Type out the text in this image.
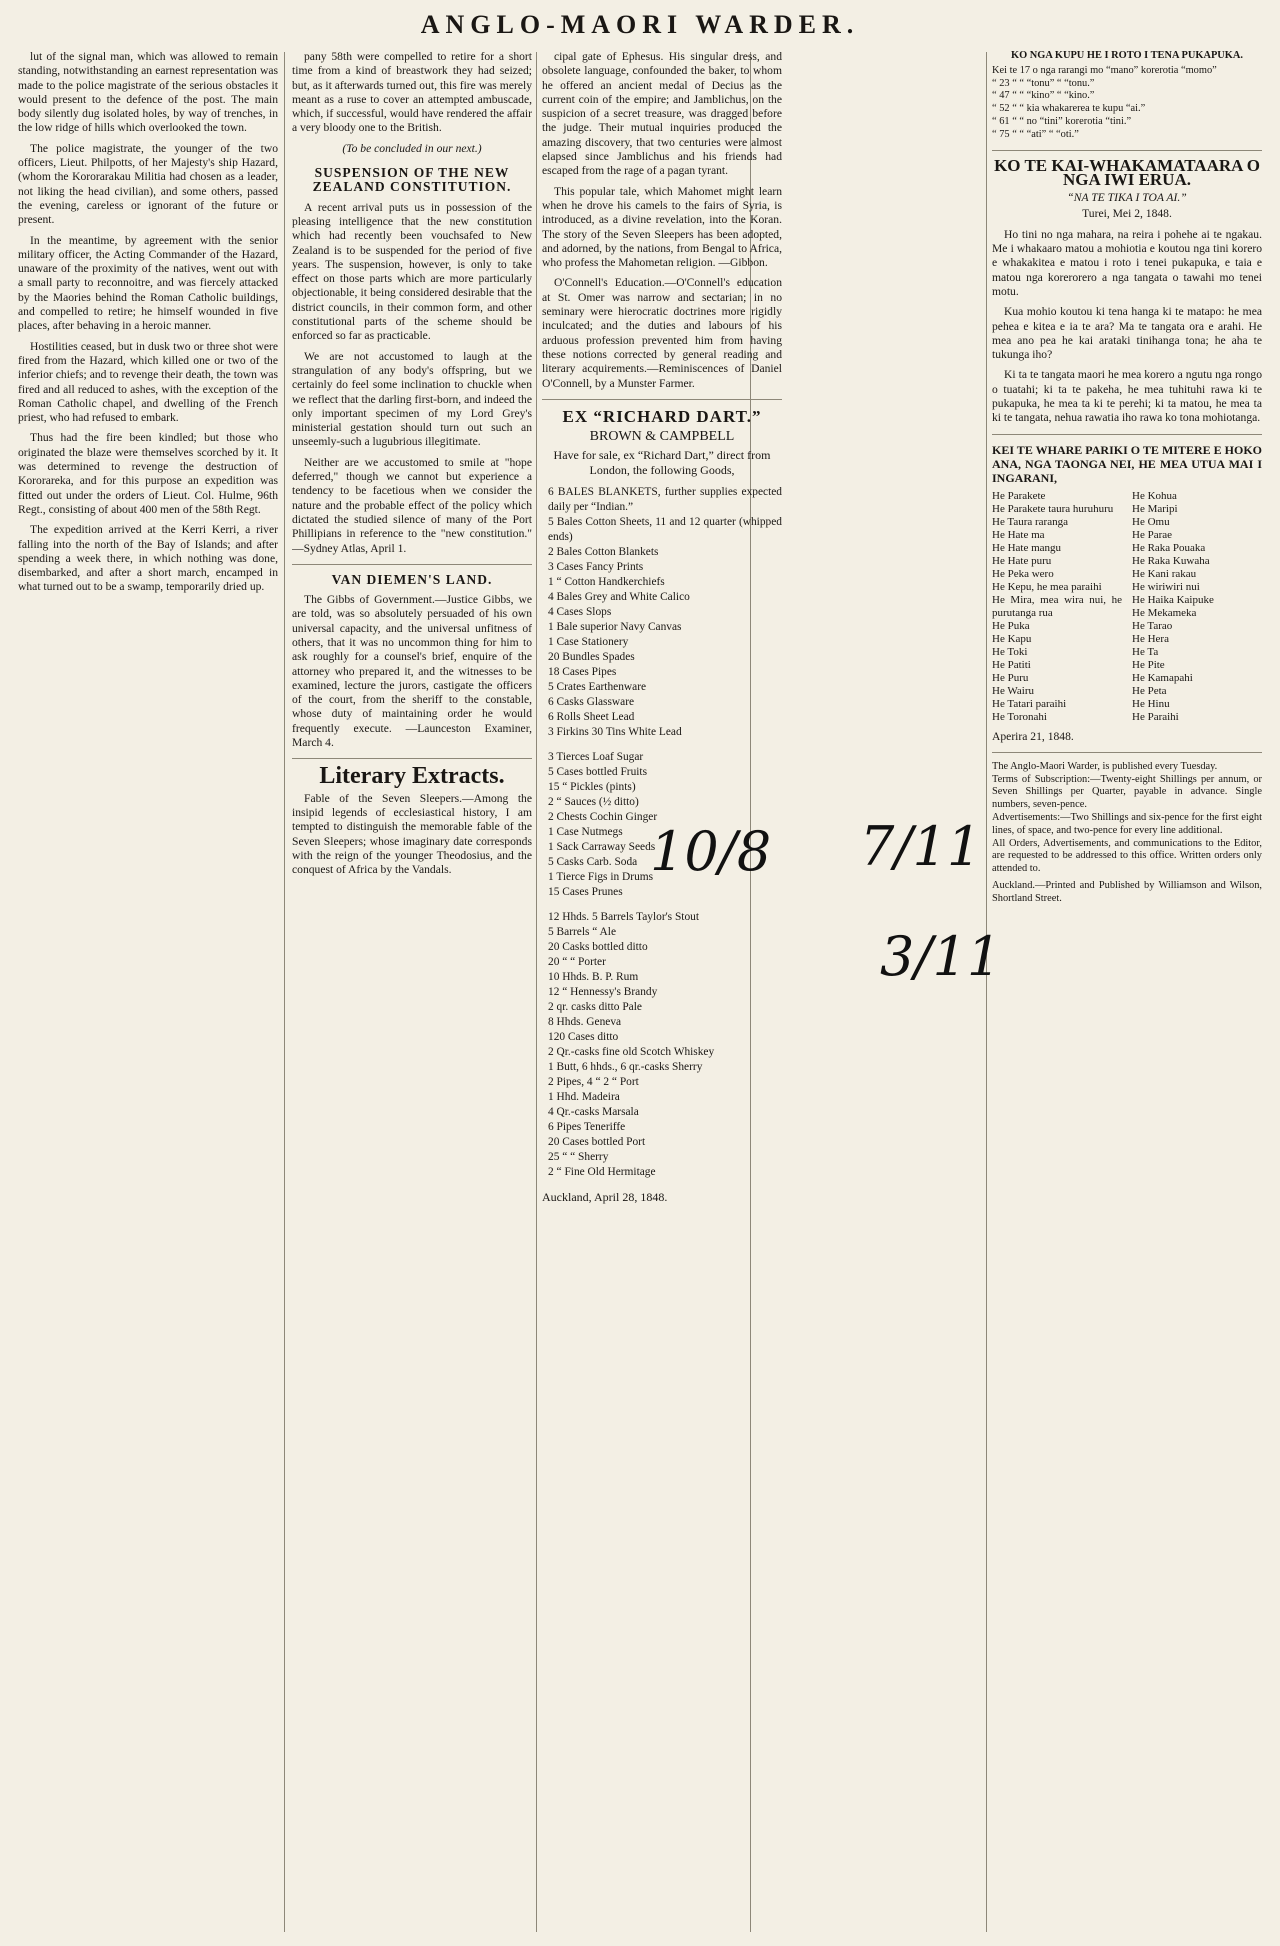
ANGLO-MAORI WARDER.

lut of the signal man, which was allowed to remain standing, notwithstanding an earnest representation was made to the police magistrate of the serious obstacles it would present to the defence of the post. The main body silently dug isolated holes, by way of trenches, in the low ridge of hills which overlooked the town.

The police magistrate, the younger of the two officers, Lieut. Philpotts, of her Majesty's ship Hazard, (whom the Kororarakau Militia had chosen as a leader, not liking the head civilian), and some others, passed the evening, careless or ignorant of the future or present.

In the meantime, by agreement with the senior military officer, the Acting Commander of the Hazard, unaware of the proximity of the natives, went out with a small party to reconnoitre, and was fiercely attacked by the Maories behind the Roman Catholic buildings, and compelled to retire; he himself wounded in five places, after behaving in a heroic manner.

Hostilities ceased, but in dusk two or three shot were fired from the Hazard, which killed one or two of the inferior chiefs; and to revenge their death, the town was fired and all reduced to ashes, with the exception of the Roman Catholic chapel, and dwelling of the French priest, who had refused to embark.

Thus had the fire been kindled; but those who originated the blaze were themselves scorched by it. It was determined to revenge the destruction of Kororareka, and for this purpose an expedition was fitted out under the orders of Lieut. Col. Hulme, 96th Regt., consisting of about 400 men of the 58th Regt.

The expedition arrived at the Kerri Kerri, a river falling into the north of the Bay of Islands; and after spending a week there, in which nothing was done, disembarked, and after a short march, encamped in what turned out to be a swamp, temporarily dried up.

pany 58th were compelled to retire for a short time from a kind of breastwork they had seized; but, as it afterwards turned out, this fire was merely meant as a ruse to cover an attempted ambuscade, which, if successful, would have rendered the affair a very bloody one to the British.

(To be concluded in our next.)
SUSPENSION OF THE NEW ZEALAND CONSTITUTION.

A recent arrival puts us in possession of the pleasing intelligence that the new constitution which had recently been vouchsafed to New Zealand is to be suspended for the period of five years. The suspension, however, is only to take effect on those parts which are more particularly objectionable, it being considered desirable that the district councils, in their common form, and other constitutional parts of the scheme should be enforced so far as practicable.

We are not accustomed to laugh at the strangulation of any body's offspring, but we certainly do feel some inclination to chuckle when we reflect that the darling first-born, and indeed the only important specimen of my Lord Grey's ministerial gestation should turn out such an unseemly-such a lugubrious illegitimate.

Neither are we accustomed to smile at "hope deferred," though we cannot but experience a tendency to be facetious when we consider the nature and the probable effect of the policy which dictated the studied silence of many of the Port Phillipians in reference to the "new constitution." —Sydney Atlas, April 1.

VAN DIEMEN'S LAND.

The Gibbs of Government.—Justice Gibbs, we are told, was so absolutely persuaded of his own universal capacity, and the universal unfitness of others, that it was no uncommon thing for him to ask roughly for a counsel's brief, enquire of the attorney who prepared it, and the witnesses to be examined, lecture the jurors, castigate the officers of the court, from the sheriff to the constable, whose duty of maintaining order he would frequently execute. —Launceston Examiner, March 4.

Literary Extracts.

Fable of the Seven Sleepers.—Among the insipid legends of ecclesiastical history, I am tempted to distinguish the memorable fable of the Seven Sleepers; whose imaginary date corresponds with the reign of the younger Theodosius, and the conquest of Africa by the Vandals.

cipal gate of Ephesus. His singular dress, and obsolete language, confounded the baker, to whom he offered an ancient medal of Decius as the current coin of the empire; and Jamblichus, on the suspicion of a secret treasure, was dragged before the judge. Their mutual inquiries produced the amazing discovery, that two centuries were almost elapsed since Jamblichus and his friends had escaped from the rage of a pagan tyrant.

This popular tale, which Mahomet might learn when he drove his camels to the fairs of Syria, is introduced, as a divine revelation, into the Koran. The story of the Seven Sleepers has been adopted, and adorned, by the nations, from Bengal to Africa, who profess the Mahometan religion. —Gibbon.

O'Connell's Education.—O'Connell's education at St. Omer was narrow and sectarian; in no seminary were hierocratic doctrines more rigidly inculcated; and the duties and labours of his arduous profession prevented him from having these notions corrected by general reading and literary acquirements.—Reminiscences of Daniel O'Connell, by a Munster Farmer.

EX “RICHARD DART.”
BROWN & CAMPBELL
Have for sale, ex “Richard Dart,” direct from London, the following Goods,
6 BALES BLANKETS, further supplies expected daily per “Indian.”
5 Bales Cotton Sheets, 11 and 12 quarter (whipped ends)
2 Bales Cotton Blankets
3 Cases Fancy Prints
1 “ Cotton Handkerchiefs
4 Bales Grey and White Calico
4 Cases Slops
1 Bale superior Navy Canvas
1 Case Stationery
20 Bundles Spades
18 Cases Pipes
5 Crates Earthenware
6 Casks Glassware
6 Rolls Sheet Lead
3 Firkins 30 Tins White Lead
3 Tierces Loaf Sugar
5 Cases bottled Fruits
15 “ Pickles (pints)
2 “ Sauces (½ ditto)
2 Chests Cochin Ginger
1 Case Nutmegs
1 Sack Carraway Seeds
5 Casks Carb. Soda
1 Tierce Figs in Drums
15 Cases Prunes
12 Hhds. 5 Barrels Taylor's Stout
5 Barrels “ Ale
20 Casks bottled ditto
20 “ “ Porter
10 Hhds. B. P. Rum
12 “ Hennessy's Brandy
2 qr. casks ditto Pale
8 Hhds. Geneva
120 Cases ditto
2 Qr.-casks fine old Scotch Whiskey
1 Butt, 6 hhds., 6 qr.-casks Sherry
2 Pipes, 4 “ 2 “ Port
1 Hhd. Madeira
4 Qr.-casks Marsala
6 Pipes Teneriffe
20 Cases bottled Port
25 “ “ Sherry
2 “ Fine Old Hermitage
Auckland, April 28, 1848.
10/8 7/11
3/11
KO NGA KUPU HE I ROTO I TENA PUKAPUKA.
Kei te 17 o nga rarangi mo “mano” korerotia “momo”
“ 23 “ “ “tonu” “ “tonu.”
“ 47 “ “ “kino” “ “kino.”
“ 52 “ “ kia whakarerea te kupu “ai.”
“ 61 “ “ no “tini” korerotia “tini.”
“ 75 “ “ “ati” “ “oti.”
KO TE KAI-WHAKAMATAARA O NGA IWI ERUA.
“NA TE TIKA I TOA AI.”
Turei, Mei 2, 1848.

Ho tini no nga mahara, na reira i pohehe ai te ngakau. Me i whakaaro matou a mohiotia e koutou nga tini korero e whakakitea e matou i roto i tenei pukapuka, e taia e matou nga korerorero a nga tangata o tawahi mo tenei motu.

Kua mohio koutou ki tena hanga ki te matapo: he mea pehea e kitea e ia te ara? Ma te tangata ora e arahi. He mea ano pea he kai arataki tinihanga tona; he aha te tukunga iho?

Ki ta te tangata maori he mea korero a ngutu nga rongo o tuatahi; ki ta te pakeha, he mea tuhituhi rawa ki te pukapuka, he mea ta ki te perehi; ki ta matou, he mea ta ki te tangata, nehua rawatia iho rawa ko tona mohiotanga.

KEI TE WHARE PARIKI O TE MITERE E HOKO ANA, NGA TAONGA NEI, HE MEA UTUA MAI I INGARANI,
He Parakete
He Parakete taura huruhuru
He Taura raranga
He Hate ma
He Hate mangu
He Hate puru
He Peka wero
He Kepu, he mea paraihi
He Mira, mea wira nui, he purutanga rua
He Puka
He Kapu
He Toki
He Patiti
He Puru
He Wairu
He Tatari paraihi
He Toronahi
He Kohua
He Maripi
He Omu
He Parae
He Raka Pouaka
He Raka Kuwaha
He Kani rakau
He wiriwiri nui
He Haika Kaipuke
He Mekameka
He Tarao
He Hera
He Ta
He Pite
He Kamapahi
He Peta
He Hinu
He Paraihi
Aperira 21, 1848.
The Anglo-Maori Warder, is published every Tuesday.
Terms of Subscription:—Twenty-eight Shillings per annum, or Seven Shillings per Quarter, payable in advance. Single numbers, seven-pence.
Advertisements:—Two Shillings and six-pence for the first eight lines, of space, and two-pence for every line additional.
All Orders, Advertisements, and communications to the Editor, are requested to be addressed to this office. Written orders only attended to.
Auckland.—Printed and Published by Williamson and Wilson, Shortland Street.
